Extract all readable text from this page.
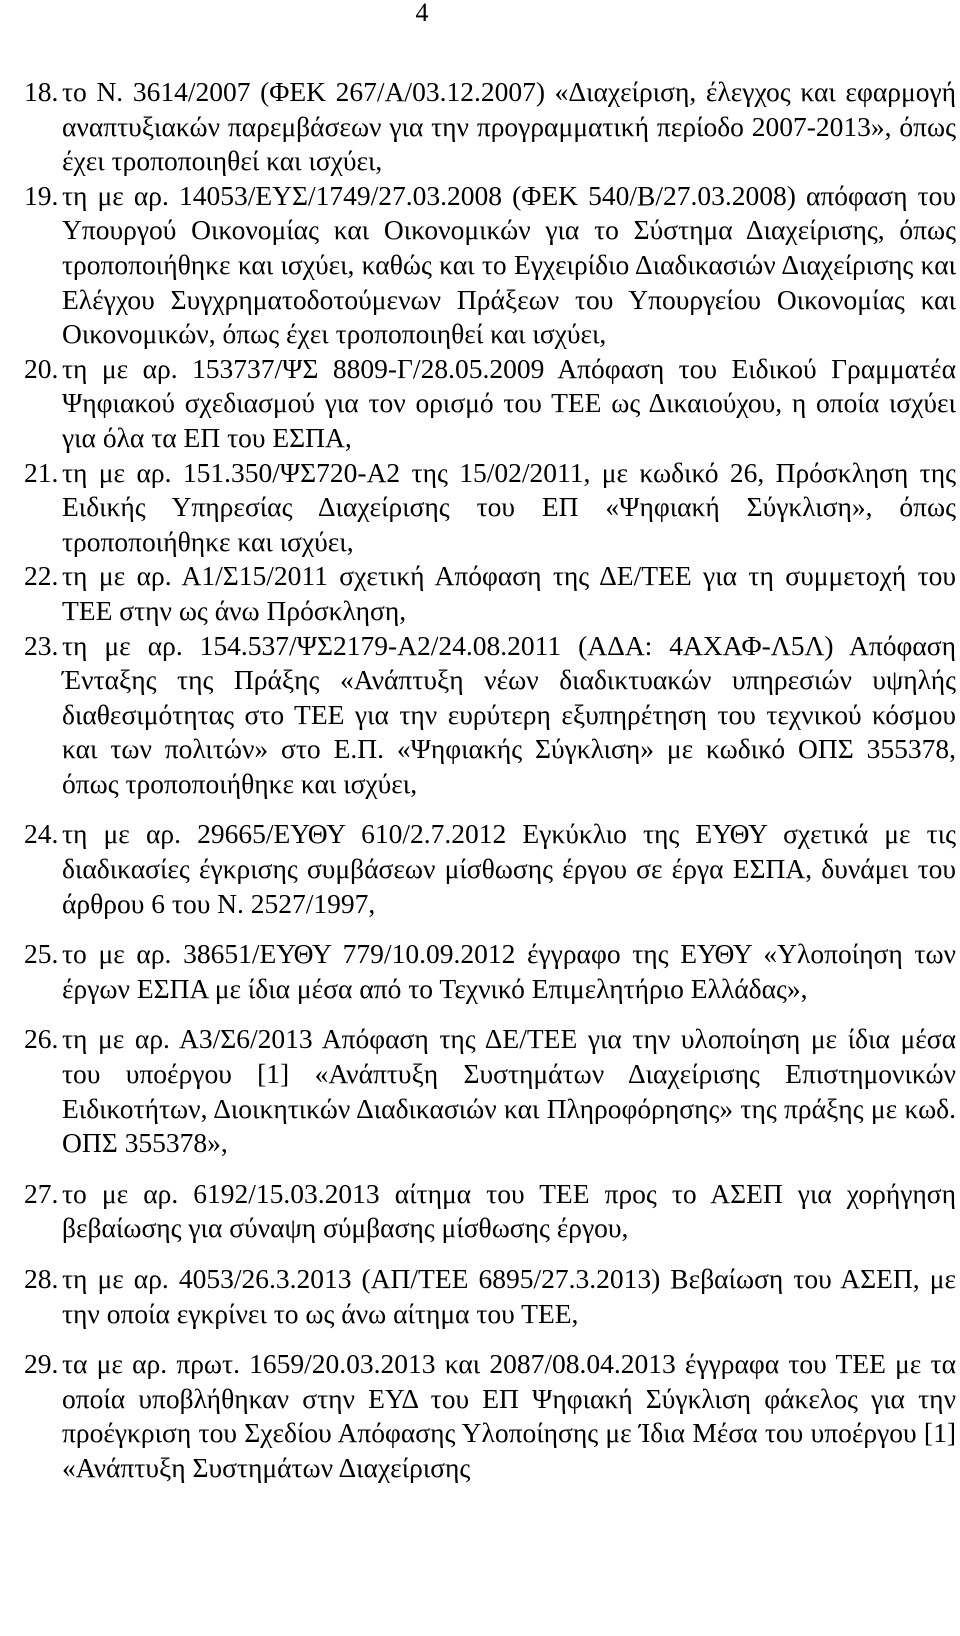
4
18. το Ν. 3614/2007 (ΦΕΚ 267/Α/03.12.2007) «Διαχείριση, έλεγχος και εφαρμογή αναπτυξιακών παρεμβάσεων για την προγραμματική περίοδο 2007-2013», όπως έχει τροποποιηθεί και ισχύει,
19. τη με αρ. 14053/ΕΥΣ/1749/27.03.2008 (ΦΕΚ 540/Β/27.03.2008) απόφαση του Υπουργού Οικονομίας και Οικονομικών για το Σύστημα Διαχείρισης, όπως τροποποιήθηκε και ισχύει, καθώς και το Εγχειρίδιο Διαδικασιών Διαχείρισης και Ελέγχου Συγχρηματοδοτούμενων Πράξεων του Υπουργείου Οικονομίας και Οικονομικών, όπως έχει τροποποιηθεί και ισχύει,
20. τη με αρ. 153737/ΨΣ 8809-Γ/28.05.2009 Απόφαση του Ειδικού Γραμματέα Ψηφιακού σχεδιασμού για τον ορισμό του ΤΕΕ ως Δικαιούχου, η οποία ισχύει για όλα τα ΕΠ του ΕΣΠΑ,
21. τη με αρ. 151.350/ΨΣ720-Α2 της 15/02/2011, με κωδικό 26, Πρόσκληση της Ειδικής Υπηρεσίας Διαχείρισης του ΕΠ «Ψηφιακή Σύγκλιση», όπως τροποποιήθηκε και ισχύει,
22. τη με αρ. Α1/Σ15/2011 σχετική Απόφαση της ΔΕ/ΤΕΕ για τη συμμετοχή του ΤΕΕ στην ως άνω Πρόσκληση,
23. τη με αρ. 154.537/ΨΣ2179-Α2/24.08.2011 (ΑΔΑ: 4ΑΧΑΦ-Λ5Λ) Απόφαση Ένταξης της Πράξης «Ανάπτυξη νέων διαδικτυακών υπηρεσιών υψηλής διαθεσιμότητας στο ΤΕΕ για την ευρύτερη εξυπηρέτηση του τεχνικού κόσμου και των πολιτών» στο Ε.Π. «Ψηφιακής Σύγκλιση» με κωδικό ΟΠΣ 355378, όπως τροποποιήθηκε και ισχύει,
24. τη με αρ. 29665/ΕΥΘΥ 610/2.7.2012 Εγκύκλιο της ΕΥΘΥ σχετικά με τις διαδικασίες έγκρισης συμβάσεων μίσθωσης έργου σε έργα ΕΣΠΑ, δυνάμει του άρθρου 6 του Ν. 2527/1997,
25. το με αρ. 38651/ΕΥΘΥ 779/10.09.2012 έγγραφο της ΕΥΘΥ «Υλοποίηση των έργων ΕΣΠΑ με ίδια μέσα από το Τεχνικό Επιμελητήριο Ελλάδας»,
26. τη με αρ. Α3/Σ6/2013 Απόφαση της ΔΕ/ΤΕΕ για την υλοποίηση με ίδια μέσα του υποέργου [1] «Ανάπτυξη Συστημάτων Διαχείρισης Επιστημονικών Ειδικοτήτων, Διοικητικών Διαδικασιών και Πληροφόρησης» της πράξης με κωδ. ΟΠΣ 355378»,
27. το με αρ. 6192/15.03.2013 αίτημα του ΤΕΕ προς το ΑΣΕΠ για χορήγηση βεβαίωσης για σύναψη σύμβασης μίσθωσης έργου,
28. τη με αρ. 4053/26.3.2013 (ΑΠ/ΤΕΕ 6895/27.3.2013) Βεβαίωση του ΑΣΕΠ, με την οποία εγκρίνει το ως άνω αίτημα του ΤΕΕ,
29. τα με αρ. πρωτ. 1659/20.03.2013 και 2087/08.04.2013 έγγραφα του ΤΕΕ με τα οποία υποβλήθηκαν στην ΕΥΔ του ΕΠ Ψηφιακή Σύγκλιση φάκελος για την προέγκριση του Σχεδίου Απόφασης Υλοποίησης με Ίδια Μέσα του υποέργου [1] «Ανάπτυξη Συστημάτων Διαχείρισης
